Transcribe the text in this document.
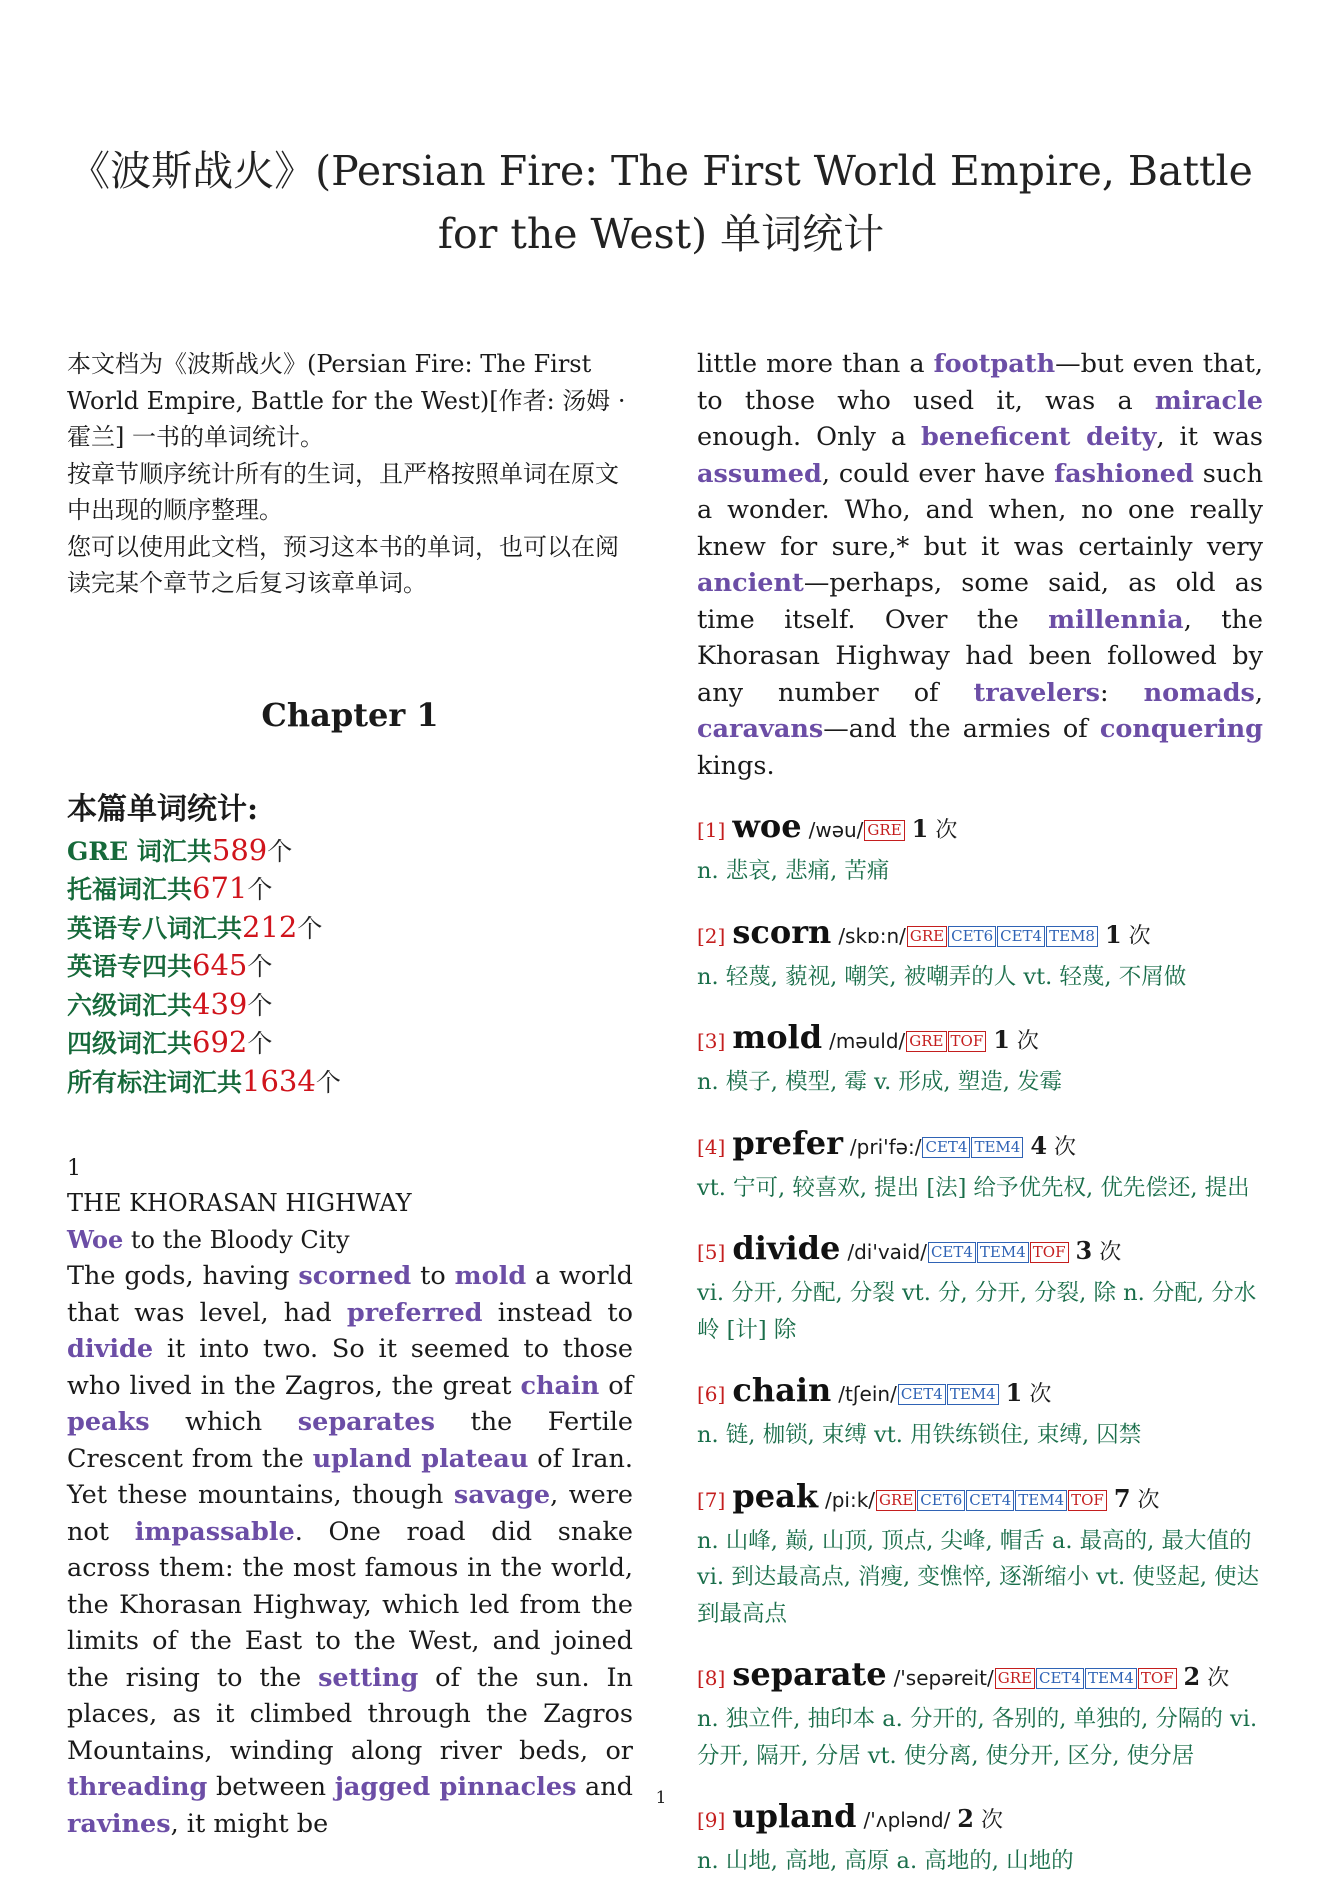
《波斯战火》(Persian Fire: The First World Empire, Battle for the West) 单词统计

本文档为《波斯战火》(Persian Fire: The First World Empire, Battle for the West)[作者: 汤姆 · 霍兰] 一书的单词统计。

按章节顺序统计所有的生词，且严格按照单词在原文中出现的顺序整理。

您可以使用此文档，预习这本书的单词，也可以在阅读完某个章节之后复习该章单词。

Chapter 1
本篇单词统计:
GRE 词汇共589个
托福词汇共671个
英语专八词汇共212个
英语专四共645个
六级词汇共439个
四级词汇共692个
所有标注词汇共1634个
1
THE KHORASAN HIGHWAY
Woe to the Bloody City
The gods, having scorned to mold a world that was level, had preferred instead to divide it into two. So it seemed to those who lived in the Zagros, the great chain of peaks which separates the Fertile Crescent from the upland plateau of Iran. Yet these mountains, though savage, were not impassable. One road did snake across them: the most famous in the world, the Khorasan Highway, which led from the limits of the East to the West, and joined the rising to the setting of the sun. In places, as it climbed through the Zagros Mountains, winding along river beds, or threading between jagged pinnacles and ravines, it might be
little more than a footpath—but even that, to those who used it, was a miracle enough. Only a beneficent deity, it was assumed, could ever have fashioned such a wonder. Who, and when, no one really knew for sure,* but it was certainly very ancient—perhaps, some said, as old as time itself. Over the millennia, the Khorasan Highway had been followed by any number of travelers: nomads, caravans—and the armies of conquering kings.
[1] woe /wəu/ GRE 1 次
n. 悲哀, 悲痛, 苦痛
[2] scorn /skɒ:n/ GRE CET6 CET4 TEM8 1 次
n. 轻蔑, 藐视, 嘲笑, 被嘲弄的人 vt. 轻蔑, 不屑做
[3] mold /məuld/ GRE TOF 1 次
n. 模子, 模型, 霉 v. 形成, 塑造, 发霉
[4] prefer /pri'fə:/ CET4 TEM4 4 次
vt. 宁可, 较喜欢, 提出 [法] 给予优先权, 优先偿还, 提出
[5] divide /di'vaid/ CET4 TEM4 TOF 3 次
vi. 分开, 分配, 分裂 vt. 分, 分开, 分裂, 除 n. 分配, 分水岭 [计] 除
[6] chain /tʃein/ CET4 TEM4 1 次
n. 链, 枷锁, 束缚 vt. 用铁练锁住, 束缚, 囚禁
[7] peak /pi:k/ GRE CET6 CET4 TEM4 TOF 7 次
n. 山峰, 巅, 山顶, 顶点, 尖峰, 帽舌 a. 最高的, 最大值的 vi. 到达最高点, 消瘦, 变憔悴, 逐渐缩小 vt. 使竖起, 使达到最高点
[8] separate /'sepəreit/ GRE CET4 TEM4 TOF 2 次
n. 独立件, 抽印本 a. 分开的, 各别的, 单独的, 分隔的 vi. 分开, 隔开, 分居 vt. 使分离, 使分开, 区分, 使分居
[9] upland /'ʌplənd/ 2 次
n. 山地, 高地, 高原 a. 高地的, 山地的
1
